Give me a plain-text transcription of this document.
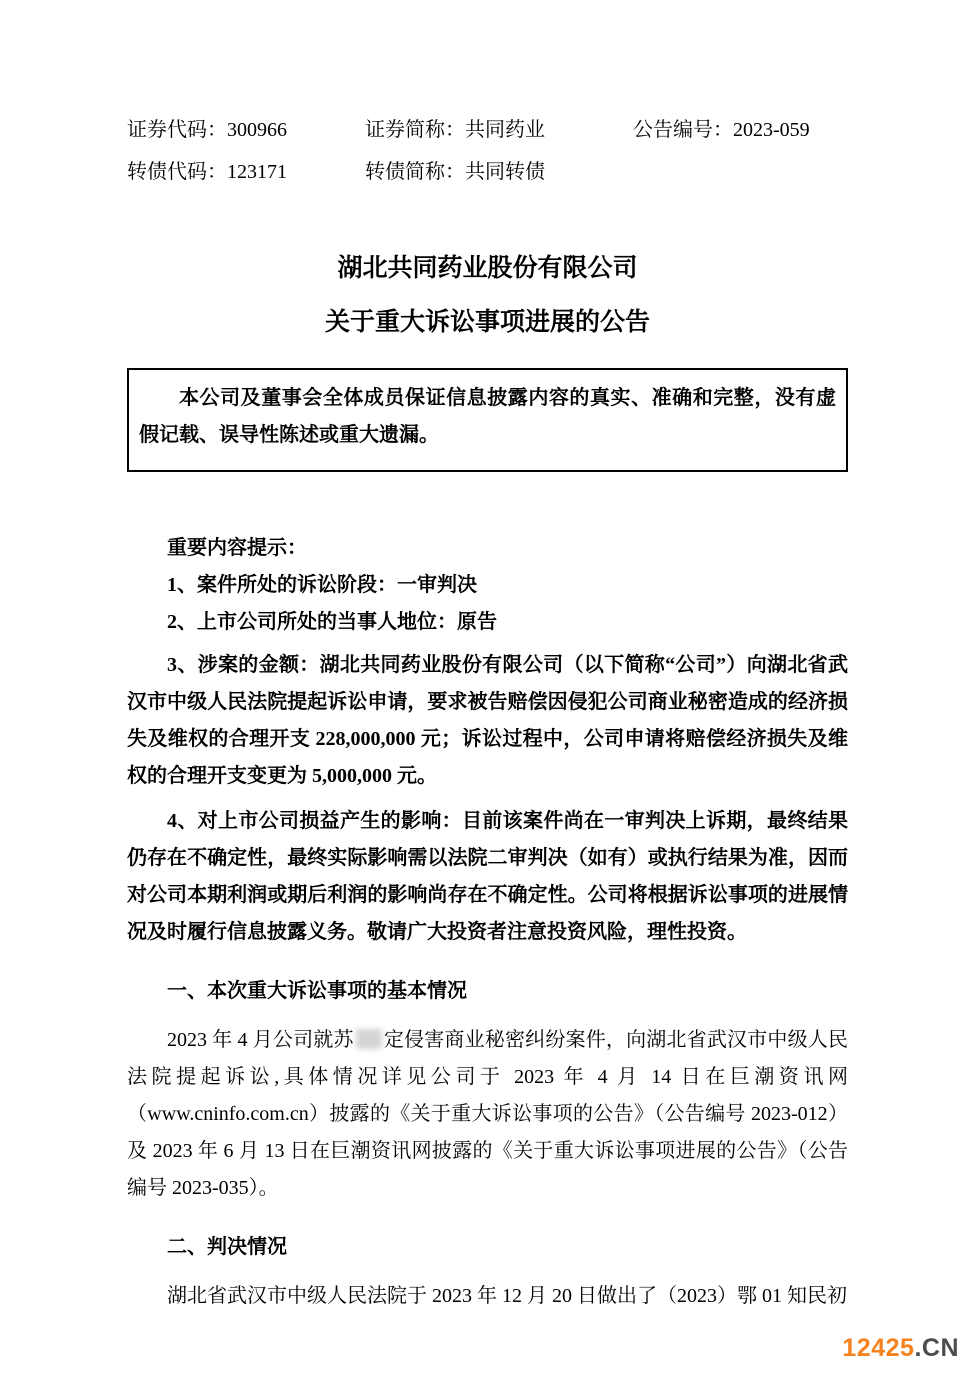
证券代码：300966	证券简称：共同药业	公告编号：2023-059
转债代码：123171	转债简称：共同转债
湖北共同药业股份有限公司
关于重大诉讼事项进展的公告
本公司及董事会全体成员保证信息披露内容的真实、准确和完整，没有虚假记载、误导性陈述或重大遗漏。

重要内容提示：

1、案件所处的诉讼阶段：一审判决

2、上市公司所处的当事人地位：原告

3、涉案的金额：湖北共同药业股份有限公司（以下简称“公司”）向湖北省武汉市中级人民法院提起诉讼申请，要求被告赔偿因侵犯公司商业秘密造成的经济损失及维权的合理开支 228,000,000 元；诉讼过程中，公司申请将赔偿经济损失及维权的合理开支变更为 5,000,000 元。

4、对上市公司损益产生的影响：目前该案件尚在一审判决上诉期，最终结果仍存在不确定性，最终实际影响需以法院二审判决（如有）或执行结果为准，因而对公司本期利润或期后利润的影响尚存在不确定性。公司将根据诉讼事项的进展情况及时履行信息披露义务。敬请广大投资者注意投资风险，理性投资。

一、本次重大诉讼事项的基本情况

2023 年 4 月公司就苏 定侵害商业秘密纠纷案件，向湖北省武汉市中级人民法院提起诉讼,具体情况详见公司于 2023 年 4 月 14 日在巨潮资讯网（www.cninfo.com.cn）披露的《关于重大诉讼事项的公告》（公告编号 2023-012）及 2023 年 6 月 13 日在巨潮资讯网披露的《关于重大诉讼事项进展的公告》（公告编号 2023-035）。

二、判决情况

湖北省武汉市中级人民法院于 2023 年 12 月 20 日做出了（2023）鄂 01 知民初

12425.CN
